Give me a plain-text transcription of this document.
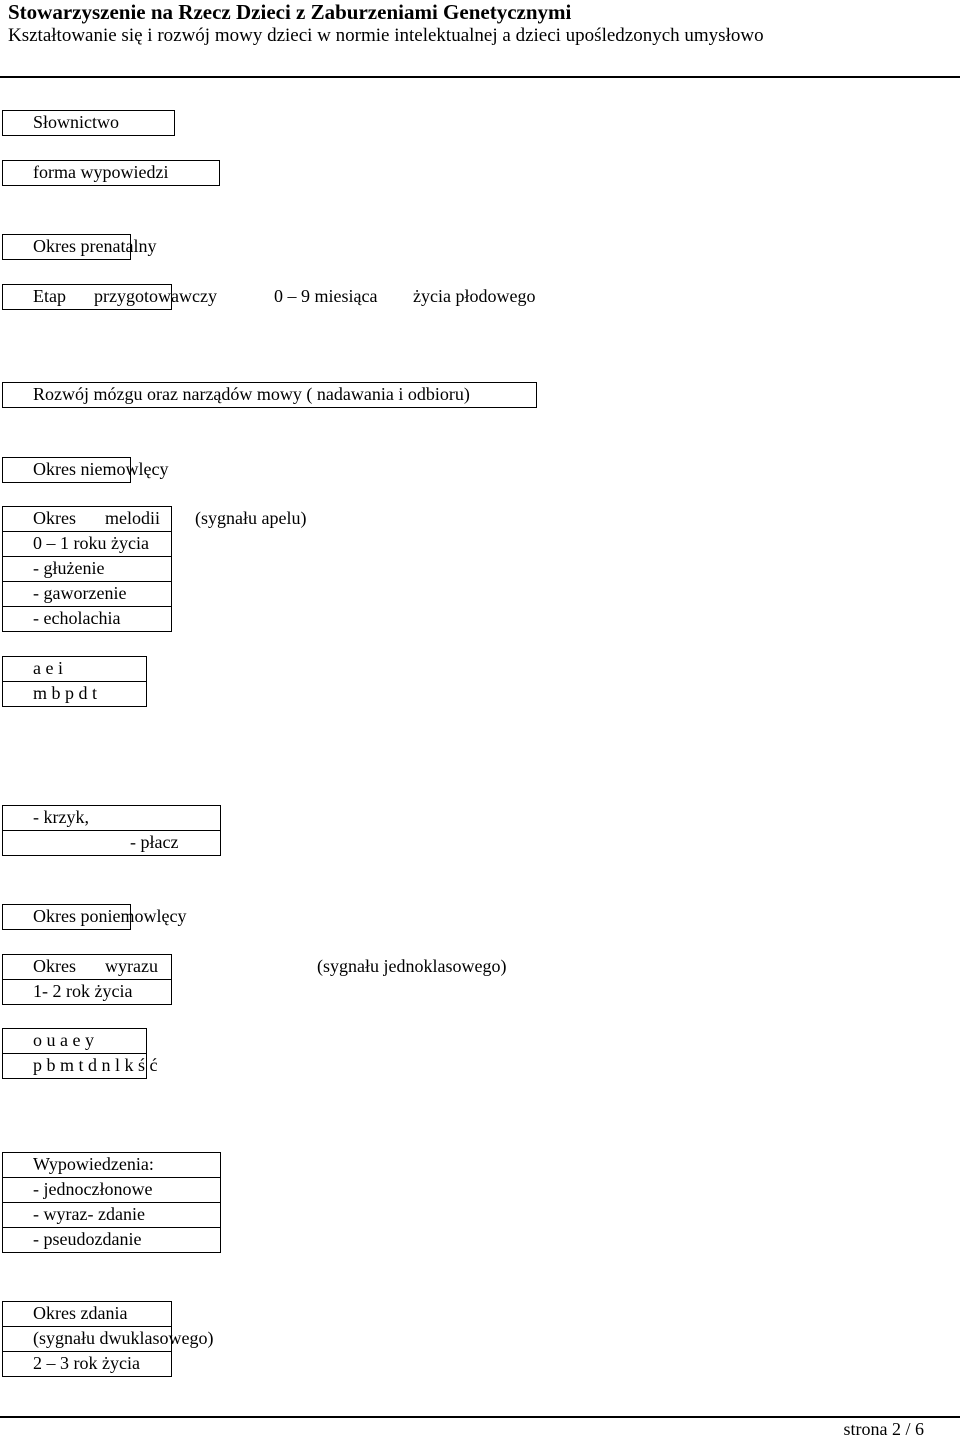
Stowarzyszenie na Rzecz Dzieci z Zaburzeniami Genetycznymi
Kształtowanie się i rozwój mowy dzieci w normie intelektualnej a dzieci upośledzonych umysłowo
Słownictwo
forma wypowiedzi
Okres prenatalny
Etap przygotowawczy	0 – 9 miesiąca życia płodowego
Rozwój mózgu oraz narządów mowy ( nadawania i odbioru)
Okres niemowlęcy
Okres melodii (sygnału apelu)
0 – 1 roku życia
- głużenie
- gaworzenie
- echolachia
a e i
m b p d t
- krzyk,
- płacz
Okres poniemowlęcy
Okres wyrazu	(sygnału jednoklasowego)
1- 2 rok życia
o u a e y
p b m t d n l k ś ć
Wypowiedzenia:
- jednoczłonowe
- wyraz- zdanie
- pseudozdanie
Okres zdania
(sygnału dwuklasowego)
2 – 3 rok życia
strona 2 / 6
